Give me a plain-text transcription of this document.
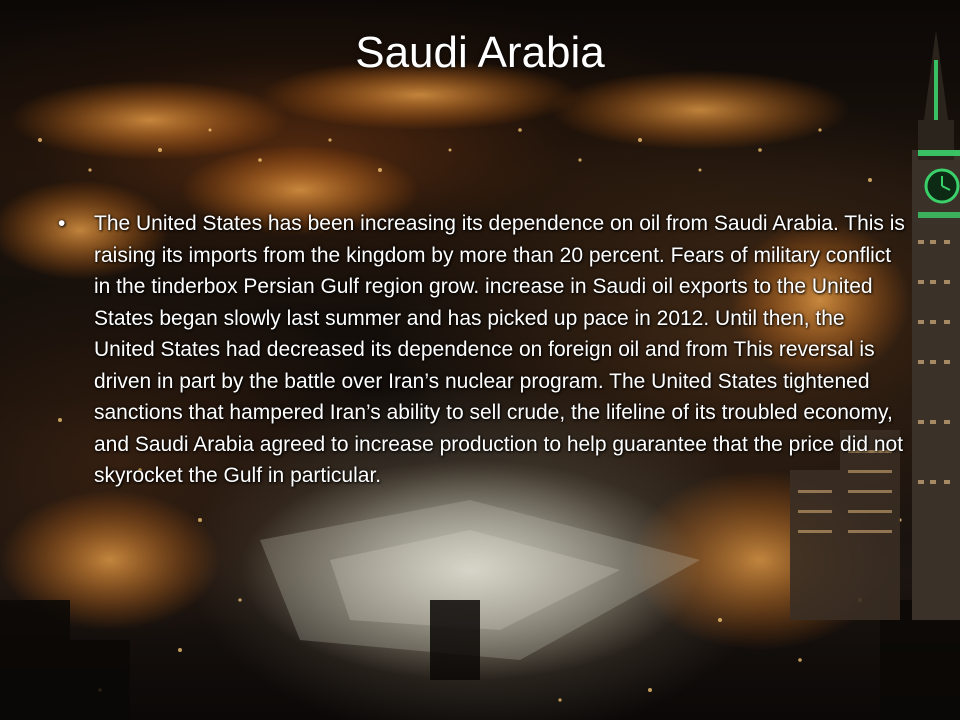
Saudi Arabia
• The United States has been increasing its dependence on oil from Saudi Arabia. This is raising its imports from the kingdom by more than 20 percent. Fears of military conflict in the tinderbox Persian Gulf region grow. increase in Saudi oil exports to the United States began slowly last summer and has picked up pace in 2012. Until then, the United States had decreased its dependence on foreign oil and from This reversal is driven in part by the battle over Iran’s nuclear program. The United States tightened sanctions that hampered Iran’s ability to sell crude, the lifeline of its troubled economy, and Saudi Arabia agreed to increase production to help guarantee that the price did not skyrocket the Gulf in particular.
